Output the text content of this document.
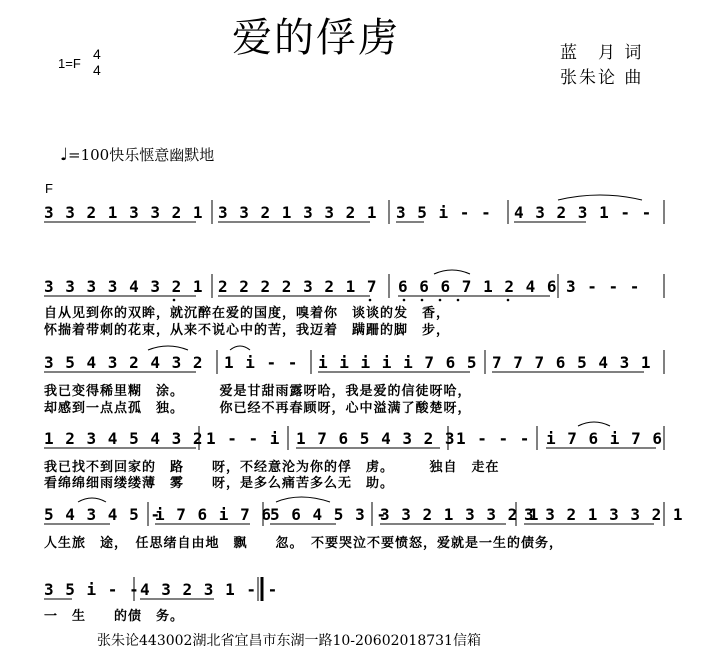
爱的俘虏	蓝　月 词
张朱论 曲
1=F
4
4
♩=100快乐惬意幽默地
F
3 3 2 1 3 3 2 1 3 3 2 1 3 3 2 1 3 5 i - - 4 3 2 3 1 - -
3 3 3 3 4 3 2 1 2 2 2 2 3 2 1 7 6 6 6 7 1 2 4 6 3 - - -
自从见到你的双眸，就沉醉在爱的国度，嗅着你　谈谈的发　香，
怀揣着带刺的花束，从来不说心中的苦，我迈着　蹒跚的脚　步，
3 5 4 3 2 4 3 2 1 i - - i i i i i 7 6 5 7 7 7 6 5 4 3 1
我已变得稀里糊　涂。　　　爱是甘甜雨露呀哈，我是爱的信徒呀哈，
却感到一点点孤　独。　　　你已经不再春顾呀，心中溢满了酸楚呀，
1 2 3 4 5 4 3 2 1 - - i 1 7 6 5 4 3 2 3 1 - - - i 7 6 i 7 6
我已找不到回家的　路　　呀，不经意沦为你的俘　虏。　　　独自　走在
看绵绵细雨缕缕薄　雾　　呀，是多么痛苦多么无　助。
5 4 3 4 5 -
i 7 6 i 7 6
5 6 4 5 3 -
3 3 2 1 3 3 2 1
3 3 2 1 3 3 2 1
人生旅　途，　任思绪自由地　飘　　忽。　不要哭泣不要愤怒，爱就是一生的债务，
3 5 i - - 4 3 2 3 1 - -
一　生　　的债　务。
张朱论443002湖北省宜昌市东湖一路10-20602018731信箱
